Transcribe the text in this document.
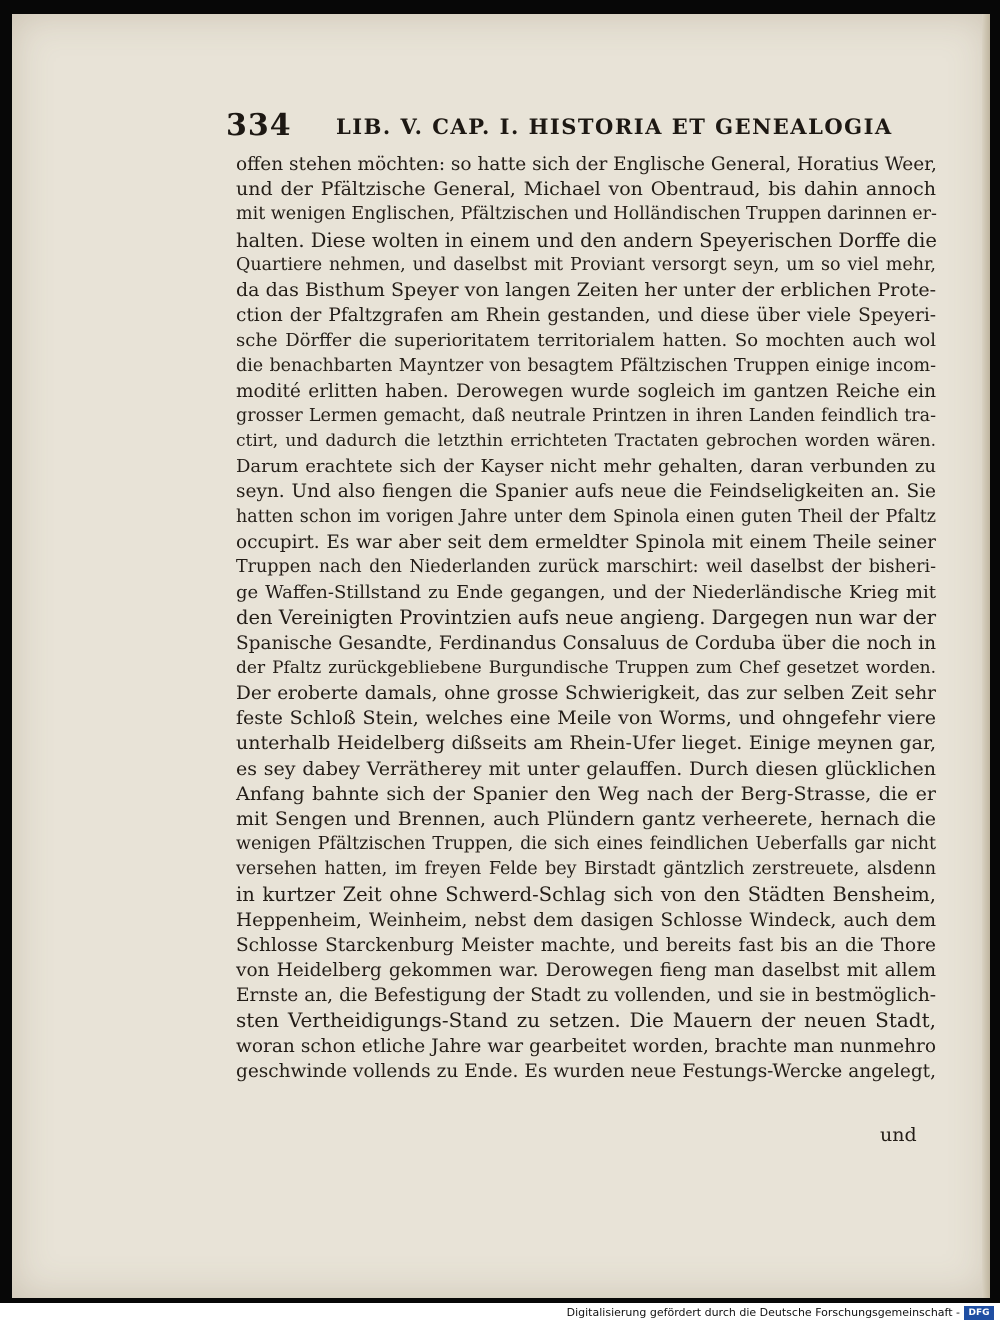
334 LIB. V. CAP. I. HISTORIA ET GENEALOGIA
offen stehen möchten: so hatte sich der Englische General, Horatius Weer,
und der Pfältzische General, Michael von Obentraud, bis dahin annoch
mit wenigen Englischen, Pfältzischen und Holländischen Truppen darinnen er-
halten. Diese wolten in einem und den andern Speyerischen Dorffe die
Quartiere nehmen, und daselbst mit Proviant versorgt seyn, um so viel mehr,
da das Bisthum Speyer von langen Zeiten her unter der erblichen Prote-
ction der Pfaltzgrafen am Rhein gestanden, und diese über viele Speyeri-
sche Dörffer die superioritatem territorialem hatten. So mochten auch wol
die benachbarten Mayntzer von besagtem Pfältzischen Truppen einige incom-
modité erlitten haben. Derowegen wurde sogleich im gantzen Reiche ein
grosser Lermen gemacht, daß neutrale Printzen in ihren Landen feindlich tra-
ctirt, und dadurch die letzthin errichteten Tractaten gebrochen worden wären.
Darum erachtete sich der Kayser nicht mehr gehalten, daran verbunden zu
seyn. Und also fiengen die Spanier aufs neue die Feindseligkeiten an. Sie
hatten schon im vorigen Jahre unter dem Spinola einen guten Theil der Pfaltz
occupirt. Es war aber seit dem ermeldter Spinola mit einem Theile seiner
Truppen nach den Niederlanden zurück marschirt: weil daselbst der bisheri-
ge Waffen-Stillstand zu Ende gegangen, und der Niederländische Krieg mit
den Vereinigten Provintzien aufs neue angieng. Dargegen nun war der
Spanische Gesandte, Ferdinandus Consaluus de Corduba über die noch in
der Pfaltz zurückgebliebene Burgundische Truppen zum Chef gesetzet worden.
Der eroberte damals, ohne grosse Schwierigkeit, das zur selben Zeit sehr
feste Schloß Stein, welches eine Meile von Worms, und ohngefehr viere
unterhalb Heidelberg dißseits am Rhein-Ufer lieget. Einige meynen gar,
es sey dabey Verrätherey mit unter gelauffen. Durch diesen glücklichen
Anfang bahnte sich der Spanier den Weg nach der Berg-Strasse, die er
mit Sengen und Brennen, auch Plündern gantz verheerete, hernach die
wenigen Pfältzischen Truppen, die sich eines feindlichen Ueberfalls gar nicht
versehen hatten, im freyen Felde bey Birstadt gäntzlich zerstreuete, alsdenn
in kurtzer Zeit ohne Schwerd-Schlag sich von den Städten Bensheim,
Heppenheim, Weinheim, nebst dem dasigen Schlosse Windeck, auch dem
Schlosse Starckenburg Meister machte, und bereits fast bis an die Thore
von Heidelberg gekommen war. Derowegen fieng man daselbst mit allem
Ernste an, die Befestigung der Stadt zu vollenden, und sie in bestmöglich-
sten Vertheidigungs-Stand zu setzen. Die Mauern der neuen Stadt,
woran schon etliche Jahre war gearbeitet worden, brachte man nunmehro
geschwinde vollends zu Ende. Es wurden neue Festungs-Wercke angelegt,
und
Digitalisierung gefördert durch die Deutsche Forschungsgemeinschaft - DFG
